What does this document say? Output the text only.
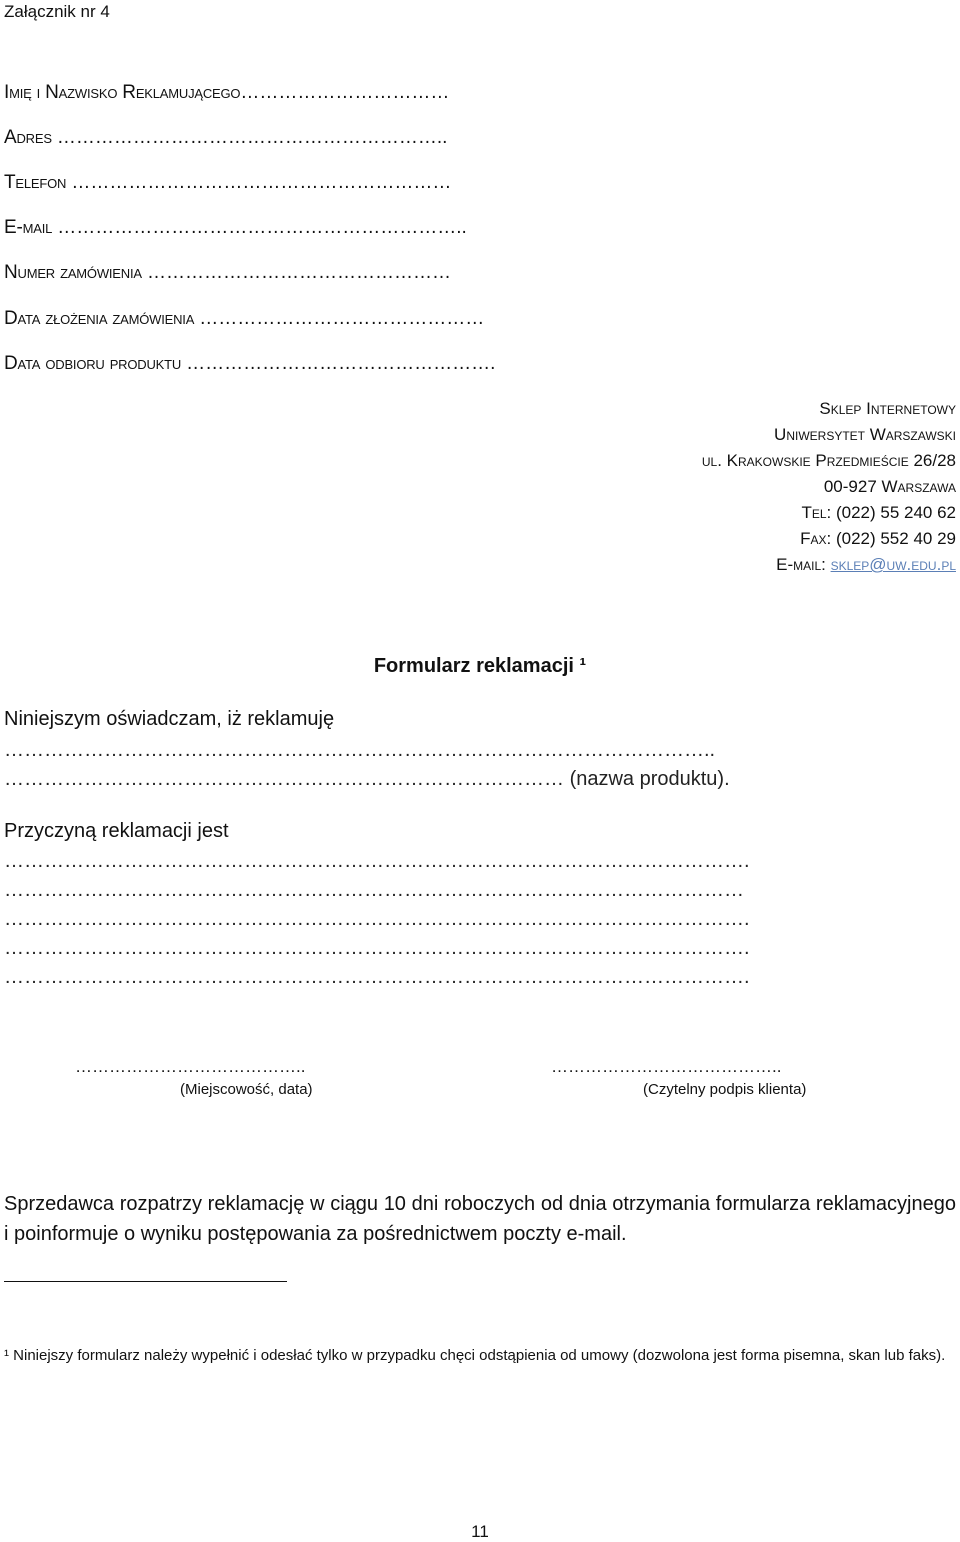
Załącznik nr 4
Imię i Nazwisko Reklamującego……………………………
Adres ……………………………………………………..
Telefon ……………………………………………………
E-mail ………………………………………………………..
Numer zamówienia …………………………………………
Data złożenia zamówienia ………………………………………
Data odbioru produktu ………………………………………….
Sklep Internetowy
Uniwersytet Warszawski
ul. Krakowskie Przedmieście 26/28
00-927 Warszawa
Tel: (022) 55 240 62
Fax: (022) 552 40 29
E-mail: sklep@uw.edu.pl
Formularz reklamacji ¹
Niniejszym oświadczam, iż reklamuję
……………………………………………………………………………………………..
………………………………………………………………………… (nazwa produktu).
Przyczyną reklamacji jest
………………………………………………………………………………………………….
…………………………………………………………………………………………………
………………………………………………………………………………………………….
………………………………………………………………………………………………….
………………………………………………………………………………………………….
…………………………………..
(Miejscowość, data)
…………………………………..
(Czytelny podpis klienta)
Sprzedawca rozpatrzy reklamację w ciągu 10 dni roboczych od dnia otrzymania formularza reklamacyjnego i poinformuje o wyniku postępowania za pośrednictwem poczty e-mail.
¹ Niniejszy formularz należy wypełnić i odesłać tylko w przypadku chęci odstąpienia od umowy (dozwolona jest forma pisemna, skan lub faks).
11
